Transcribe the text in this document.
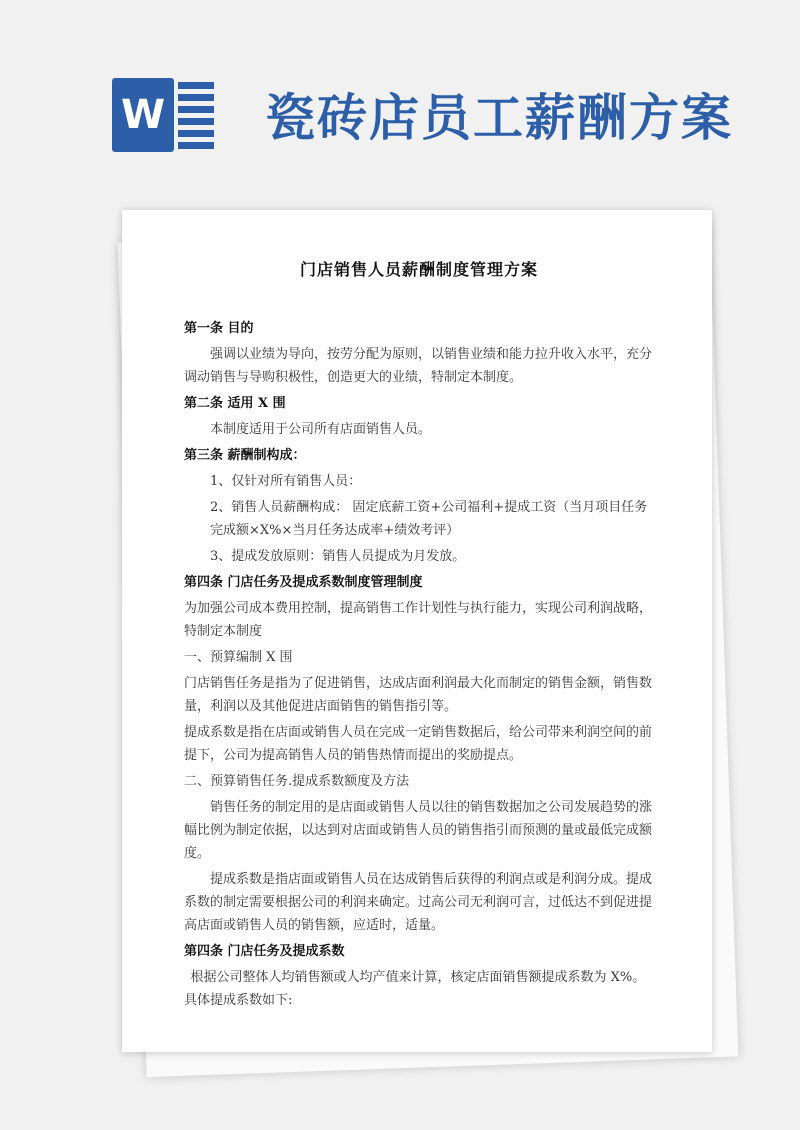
W 瓷砖店员工薪酬方案
门店销售人员薪酬制度管理方案
第一条 目的
强调以业绩为导向，按劳分配为原则，以销售业绩和能力拉升收入水平，充分调动销售与导购积极性，创造更大的业绩，特制定本制度。
第二条 适用 X 围
本制度适用于公司所有店面销售人员。
第三条 薪酬制构成：
1、仅针对所有销售人员：
2、销售人员薪酬构成： 固定底薪工资+公司福利+提成工资（当月项目任务完成额×X%×当月任务达成率+绩效考评）
3、提成发放原则：销售人员提成为月发放。
第四条 门店任务及提成系数制度管理制度
为加强公司成本费用控制，提高销售工作计划性与执行能力，实现公司利润战略，特制定本制度
一、预算编制 X 围
门店销售任务是指为了促进销售，达成店面利润最大化而制定的销售金额，销售数量，利润以及其他促进店面销售的销售指引等。
提成系数是指在店面或销售人员在完成一定销售数据后，给公司带来利润空间的前提下，公司为提高销售人员的销售热情而提出的奖励提点。
二、预算销售任务.提成系数额度及方法
销售任务的制定用的是店面或销售人员以往的销售数据加之公司发展趋势的涨幅比例为制定依据，以达到对店面或销售人员的销售指引而预测的量或最低完成额度。
提成系数是指店面或销售人员在达成销售后获得的利润点或是利润分成。提成系数的制定需要根据公司的利润来确定。过高公司无利润可言，过低达不到促进提高店面或销售人员的销售额，应适时，适量。
第四条 门店任务及提成系数
根据公司整体人均销售额或人均产值来计算，核定店面销售额提成系数为 X%。具体提成系数如下:
